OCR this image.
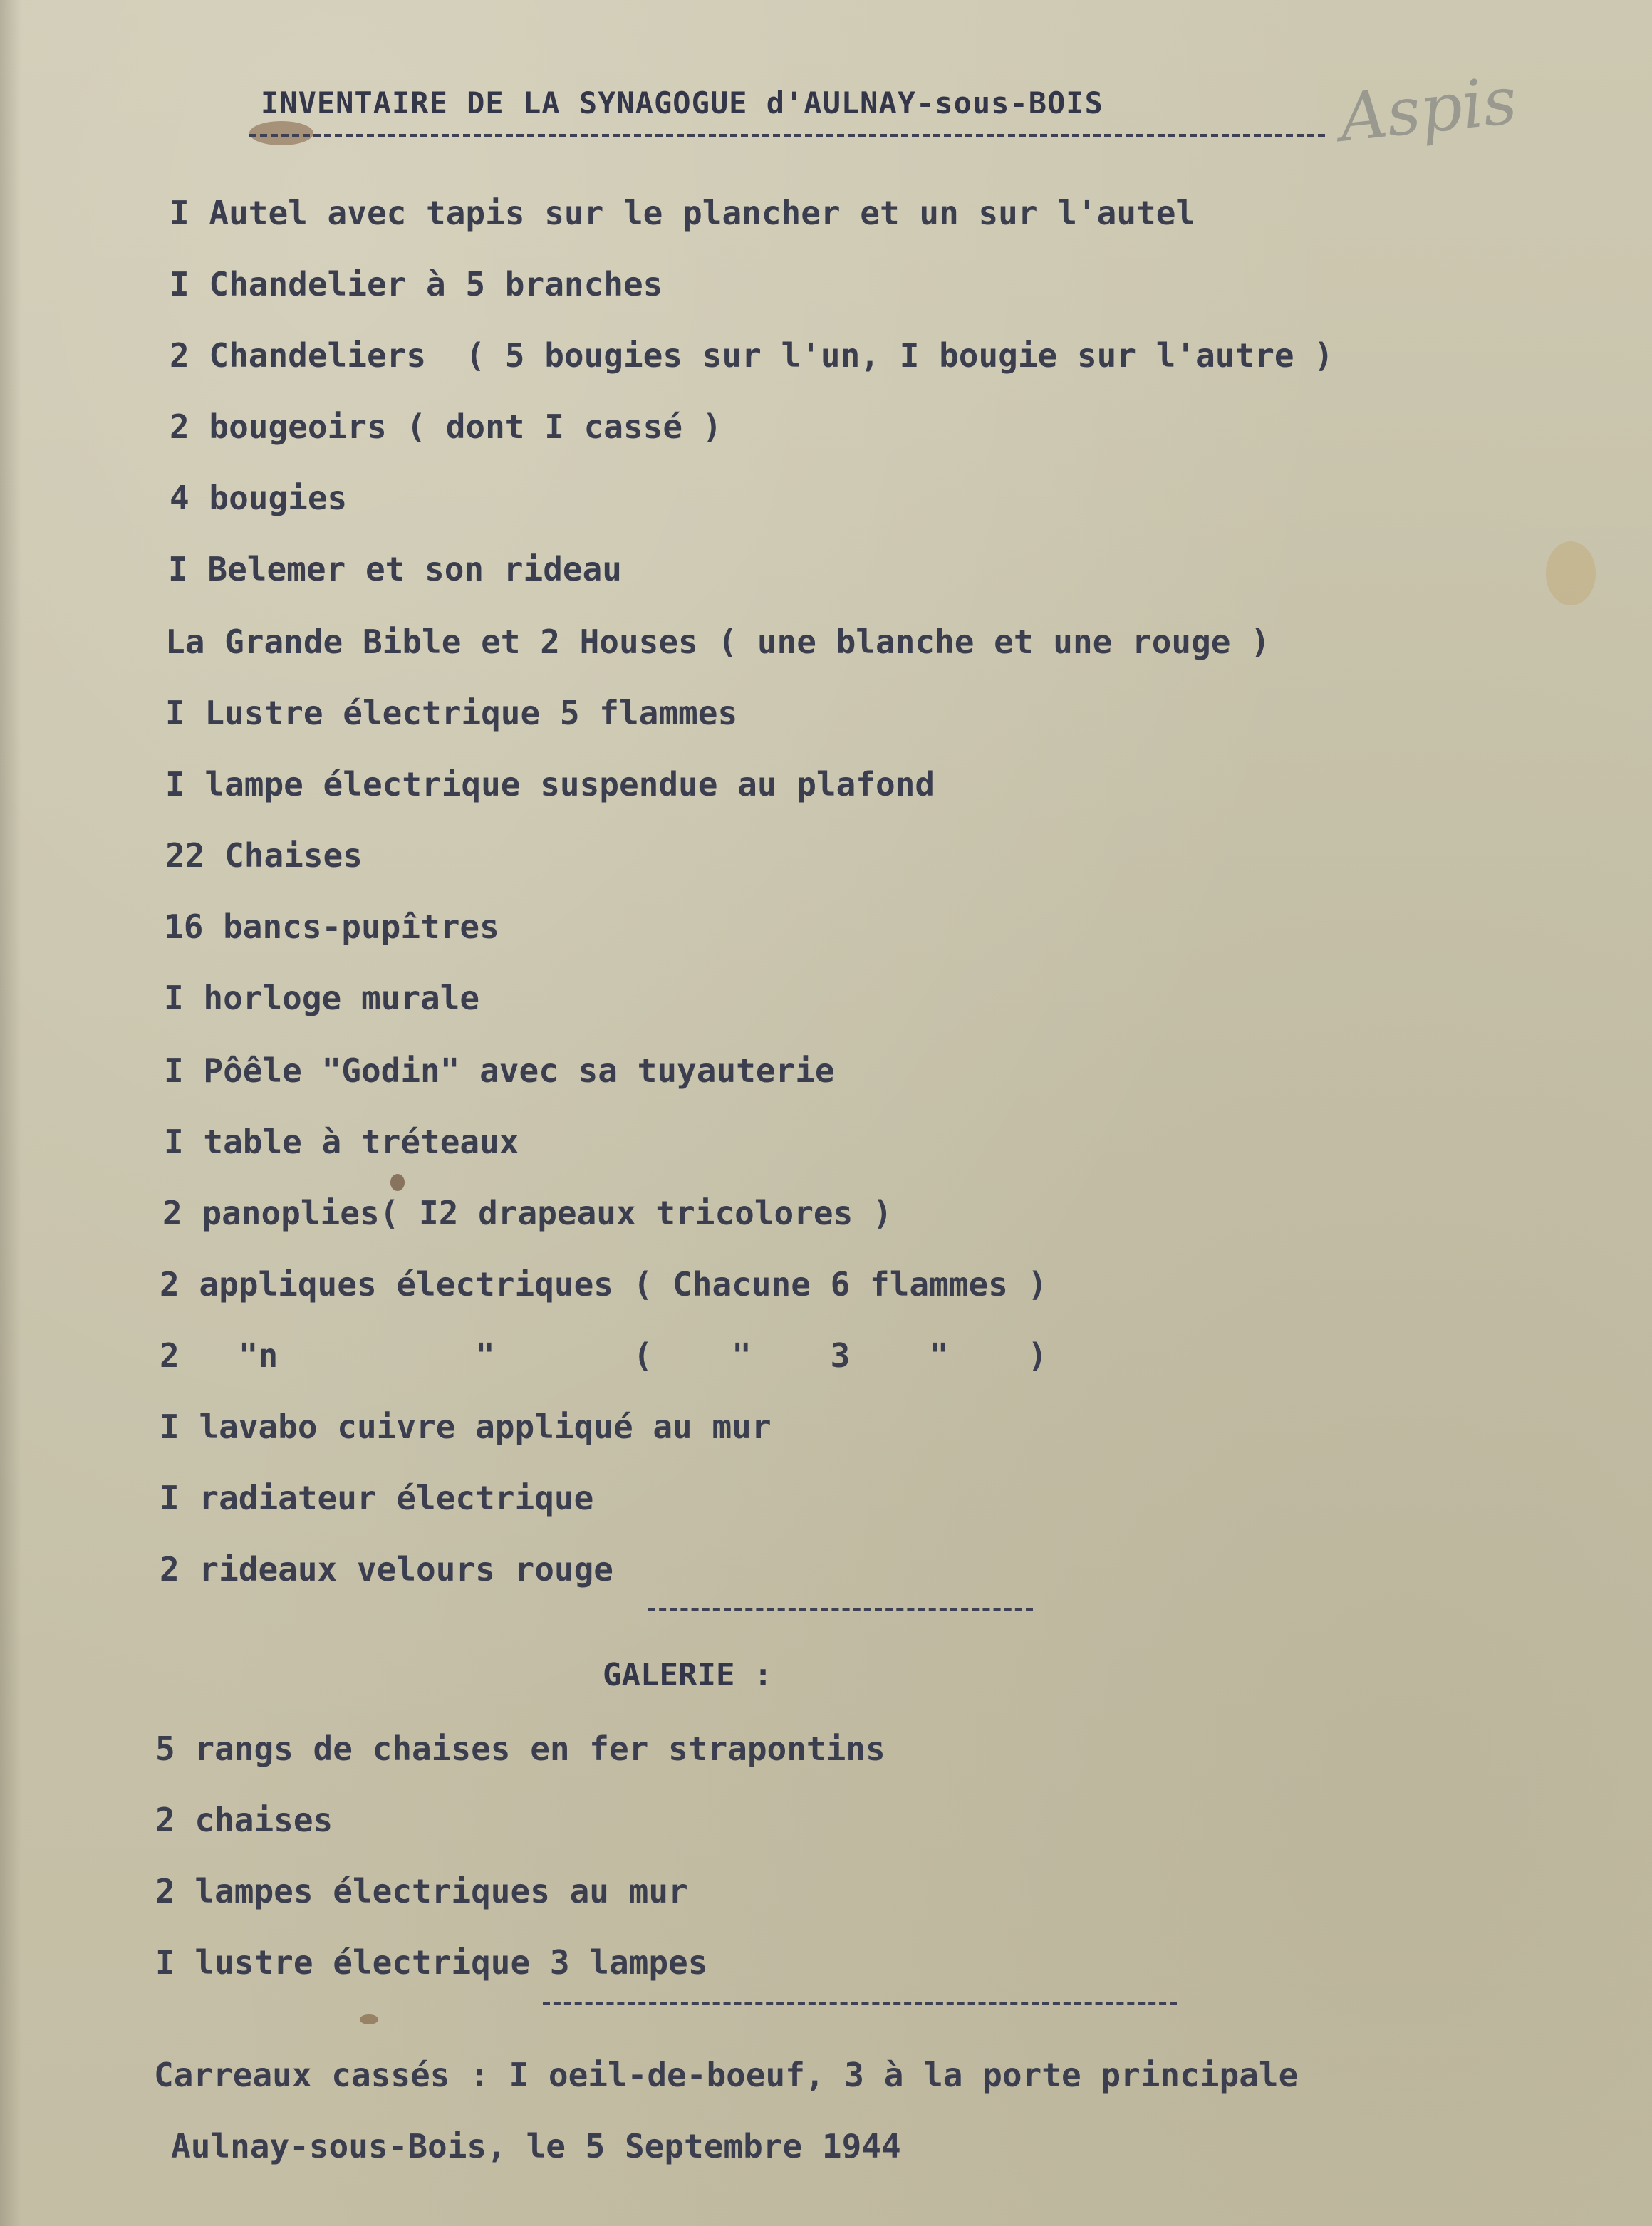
INVENTAIRE DE LA SYNAGOGUE d'AULNAY-sous-BOIS	Aspis
I Autel avec tapis sur le plancher et un sur l'autel
I Chandelier à 5 branches
2 Chandeliers  ( 5 bougies sur l'un, I bougie sur l'autre )
2 bougeoirs ( dont I cassé )
4 bougies
I Belemer et son rideau
La Grande Bible et 2 Houses ( une blanche et une rouge )
I Lustre électrique 5 flammes
I lampe électrique suspendue au plafond
22 Chaises
16 bancs-pupîtres
I horloge murale
I Pôêle "Godin" avec sa tuyauterie
I table à tréteaux
2 panoplies( I2 drapeaux tricolores )
2 appliques électriques ( Chacune 6 flammes )
2   "n          "       (    "    3    "    )
I lavabo cuivre appliqué au mur
I radiateur électrique
2 rideaux velours rouge
GALERIE :
5 rangs de chaises en fer strapontins
2 chaises
2 lampes électriques au mur
I lustre électrique 3 lampes
Carreaux cassés : I oeil-de-boeuf, 3 à la porte principale
Aulnay-sous-Bois, le 5 Septembre 1944
